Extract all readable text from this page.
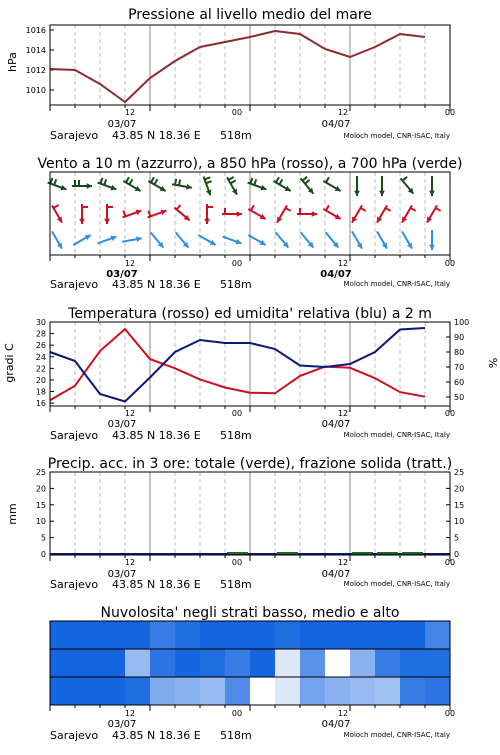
Pressione al livello medio del mare
hPa
1010
1012
1014
1016
Vento a 10 m (azzurro), a 850 hPa (rosso), a 700 hPa (verde)
Temperatura (rosso) ed umidita' relativa (blu) a 2 m
gradi C	%
16
18
20
22
24
26
28
30
50
60
70
80
90
100
Precip. acc. in 3 ore: totale (verde), frazione solida (tratt.)
mm
0
5
10
15
20
25
0
5
10
15
20
25
Nuvolosita' negli strati basso, medio e alto
12	00	12	00
03/07	04/07
Sarajevo 43.85 N 18.36 E 518m	Moloch model, CNR-ISAC, Italy
12	00	12	00
03/07	04/07
Sarajevo 43.85 N 18.36 E 518m	Moloch model, CNR-ISAC, Italy
12	00	12	00
03/07	04/07
Sarajevo 43.85 N 18.36 E 518m	Moloch model, CNR-ISAC, Italy
12	00	12	00
03/07	04/07
Sarajevo 43.85 N 18.36 E 518m	Moloch model, CNR-ISAC, Italy
12	00	12	00
03/07	04/07
Sarajevo 43.85 N 18.36 E 518m	Moloch model, CNR-ISAC, Italy
